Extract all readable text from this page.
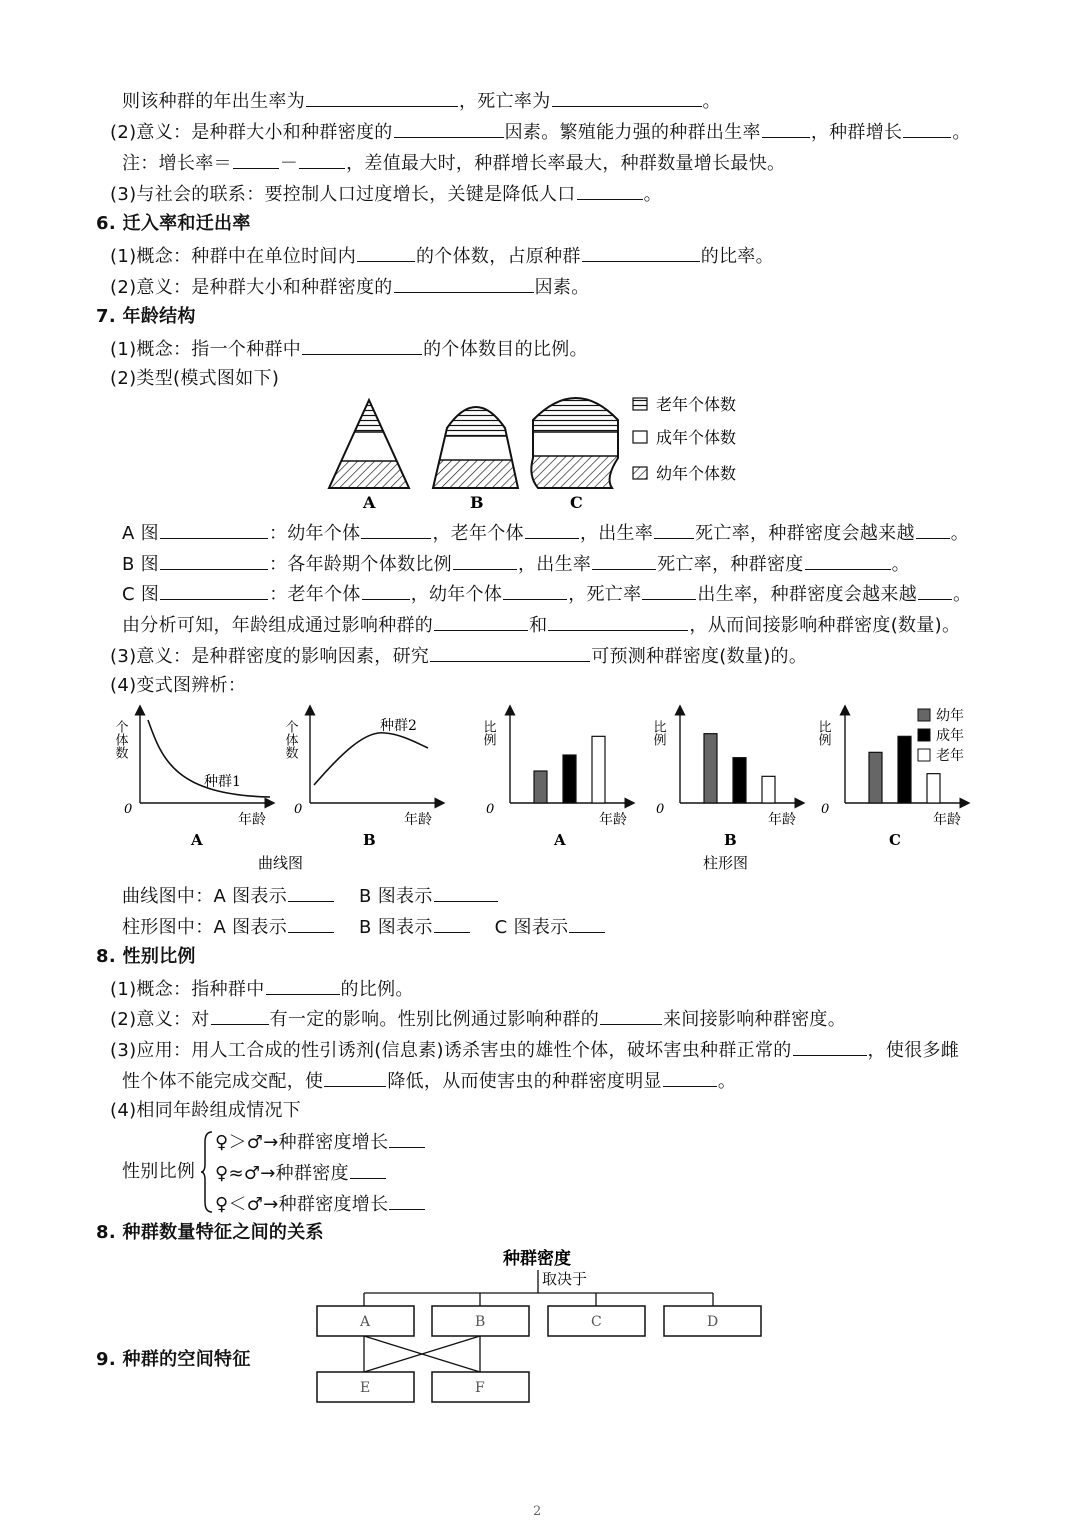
则该种群的年出生率为	，死亡率为	。
(2)意义：是种群大小和种群密度的	因素。繁殖能力强的种群出生率	，种群增长	。
注：增长率＝	－	，差值最大时，种群增长率最大，种群数量增长最快。
(3)与社会的联系：要控制人口过度增长，关键是降低人口	。
6. 迁入率和迁出率
(1)概念：种群中在单位时间内	的个体数，占原种群	的比率。
(2)意义：是种群大小和种群密度的	因素。
7. 年龄结构
(1)概念：指一个种群中	的个体数目的比例。
(2)类型(模式图如下)
A	B	C
老年个体数
成年个体数
幼年个体数
A 图	：幼年个体	，老年个体	，出生率 死亡率，种群密度会越来越 。
B 图	：各年龄期个体数比例	，出生率	死亡率，种群密度	。
C 图	：老年个体	，幼年个体	，死亡率	出生率，种群密度会越来越 。
由分析可知，年龄组成通过影响种群的	和	，从而间接影响种群密度(数量)。
(3)意义：是种群密度的影响因素，研究	可预测种群密度(数量)的。
(4)变式图辨析：
个体数
种群1
0
年龄
A
个体数	种群2
0
年龄
B
曲线图
比例
0
年龄
A
比例
0
年龄
B
比例
0
年龄
C
幼年
成年
老年
柱形图
曲线图中：A 图表示	B 图表示
柱形图中：A 图表示	B 图表示	C 图表示
8. 性别比例
(1)概念：指种群中	的比例。
(2)意义：对	有一定的影响。性别比例通过影响种群的	来间接影响种群密度。
(3)应用：用人工合成的性引诱剂(信息素)诱杀害虫的雄性个体，破坏害虫种群正常的	，使很多雌
性个体不能完成交配，使	降低，从而使害虫的种群密度明显	。
(4)相同年龄组成情况下
性别比例
♀＞♂→种群密度增长
♀≈♂→种群密度
♀＜♂→种群密度增长
8. 种群数量特征之间的关系
种群密度
取决于
A	B	C	D
E	F
9. 种群的空间特征
2
